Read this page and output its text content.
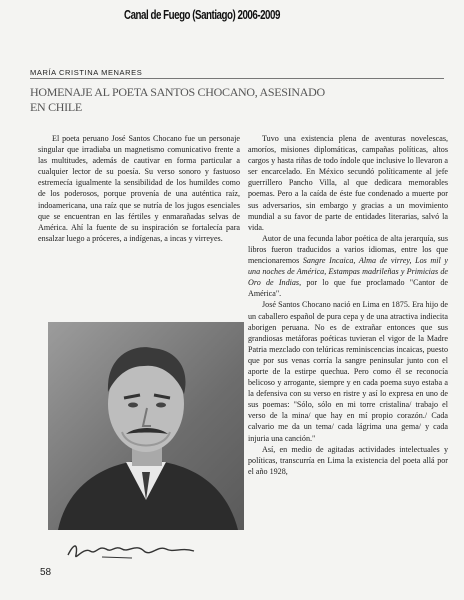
Canal de Fuego (Santiago) 2006-2009
MARÍA CRISTINA MENARES
HOMENAJE AL POETA SANTOS CHOCANO, ASESINADO EN CHILE

El poeta peruano José Santos Chocano fue un personaje singular que irradiaba un magnetismo comunicativo frente a las multitudes, además de cautivar en forma particular a cualquier lector de su poesía. Su verso sonoro y fastuoso estremecía igualmente la sensibilidad de los humildes como de los poderosos, porque provenía de una auténtica raíz, indoamericana, una raíz que se nutría de los jugos esenciales que se encuentran en las fértiles y enmarañadas selvas de América. Ahí la fuente de su inspiración se fortalecía para ensalzar luego a próceres, a indígenas, a incas y virreyes.

Tuvo una existencia plena de aventuras novelescas, amoríos, misiones diplomáticas, campañas políticas, altos cargos y hasta riñas de todo índole que inclusive lo llevaron a ser encarcelado. En México secundó políticamente al jefe guerrillero Pancho Villa, al que dedicara memorables poemas. Pero a la caída de éste fue condenado a muerte por sus adversarios, sin embargo y gracias a un movimiento mundial a su favor de parte de entidades literarias, salvó la vida.

Autor de una fecunda labor poética de alta jerarquía, sus libros fueron traducidos a varios idiomas, entre los que mencionaremos Sangre Incaica, Alma de virrey, Los mil y una noches de América, Estampas madrileñas y Primicias de Oro de Indias, por lo que fue proclamado "Cantor de América".

José Santos Chocano nació en Lima en 1875. Era hijo de un caballero español de pura cepa y de una atractiva indiecita aborigen peruana. No es de extrañar entonces que sus grandiosas metáforas poéticas tuvieran el vigor de la Madre Patria mezclado con telúricas reminiscencias incaicas, puesto que por sus venas corría la sangre peninsular junto con el aporte de la estirpe quechua. Pero como él se reconocía belicoso y arrogante, siempre y en cada poema suyo estaba a la defensiva con su verso en ristre y así lo expresa en uno de sus poemas: "Sólo, sólo en mi torre cristalina/ trabajo el verso de la mina/ que hay en mí propio corazón./ Cada calvario me da un tema/ cada lágrima una gema/ y cada injuria una canción."

Así, en medio de agitadas actividades intelectuales y políticas, transcurría en Lima la existencia del poeta allá por el año 1928,

58
